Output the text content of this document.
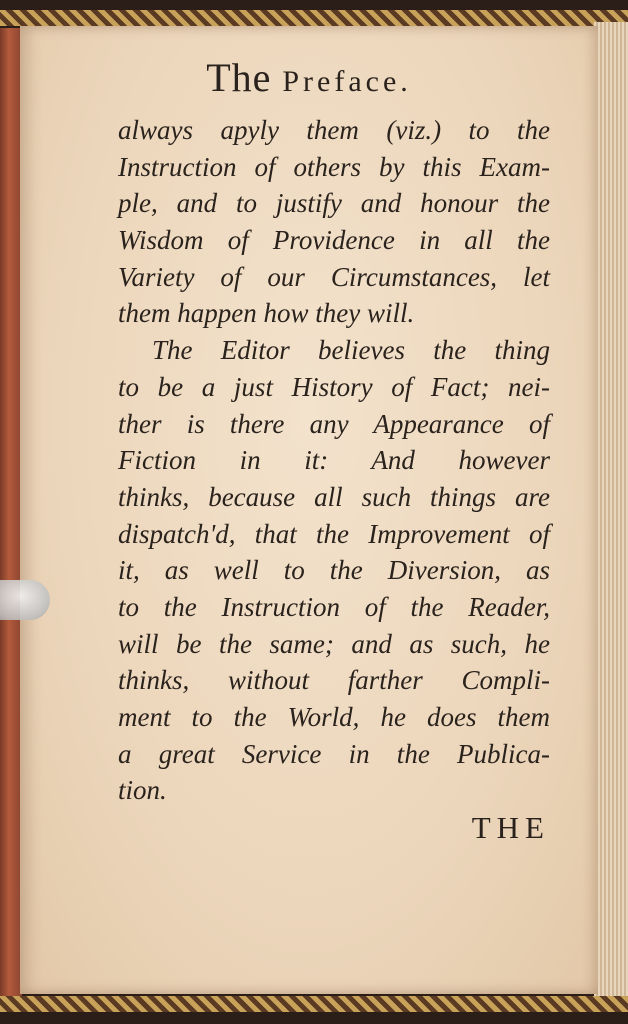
The Preface.
always apyly them (viz.) to the
Instruction of others by this Exam-
ple, and to justify and honour the
Wisdom of Providence in all the
Variety of our Circumstances, let
them happen how they will.
The Editor believes the thing
to be a just History of Fact; nei-
ther is there any Appearance of
Fiction in it: And however
thinks, because all such things are
dispatch'd, that the Improvement of
it, as well to the Diversion, as
to the Instruction of the Reader,
will be the same; and as such, he
thinks, without farther Compli-
ment to the World, he does them
a great Service in the Publica-
tion.
THE
